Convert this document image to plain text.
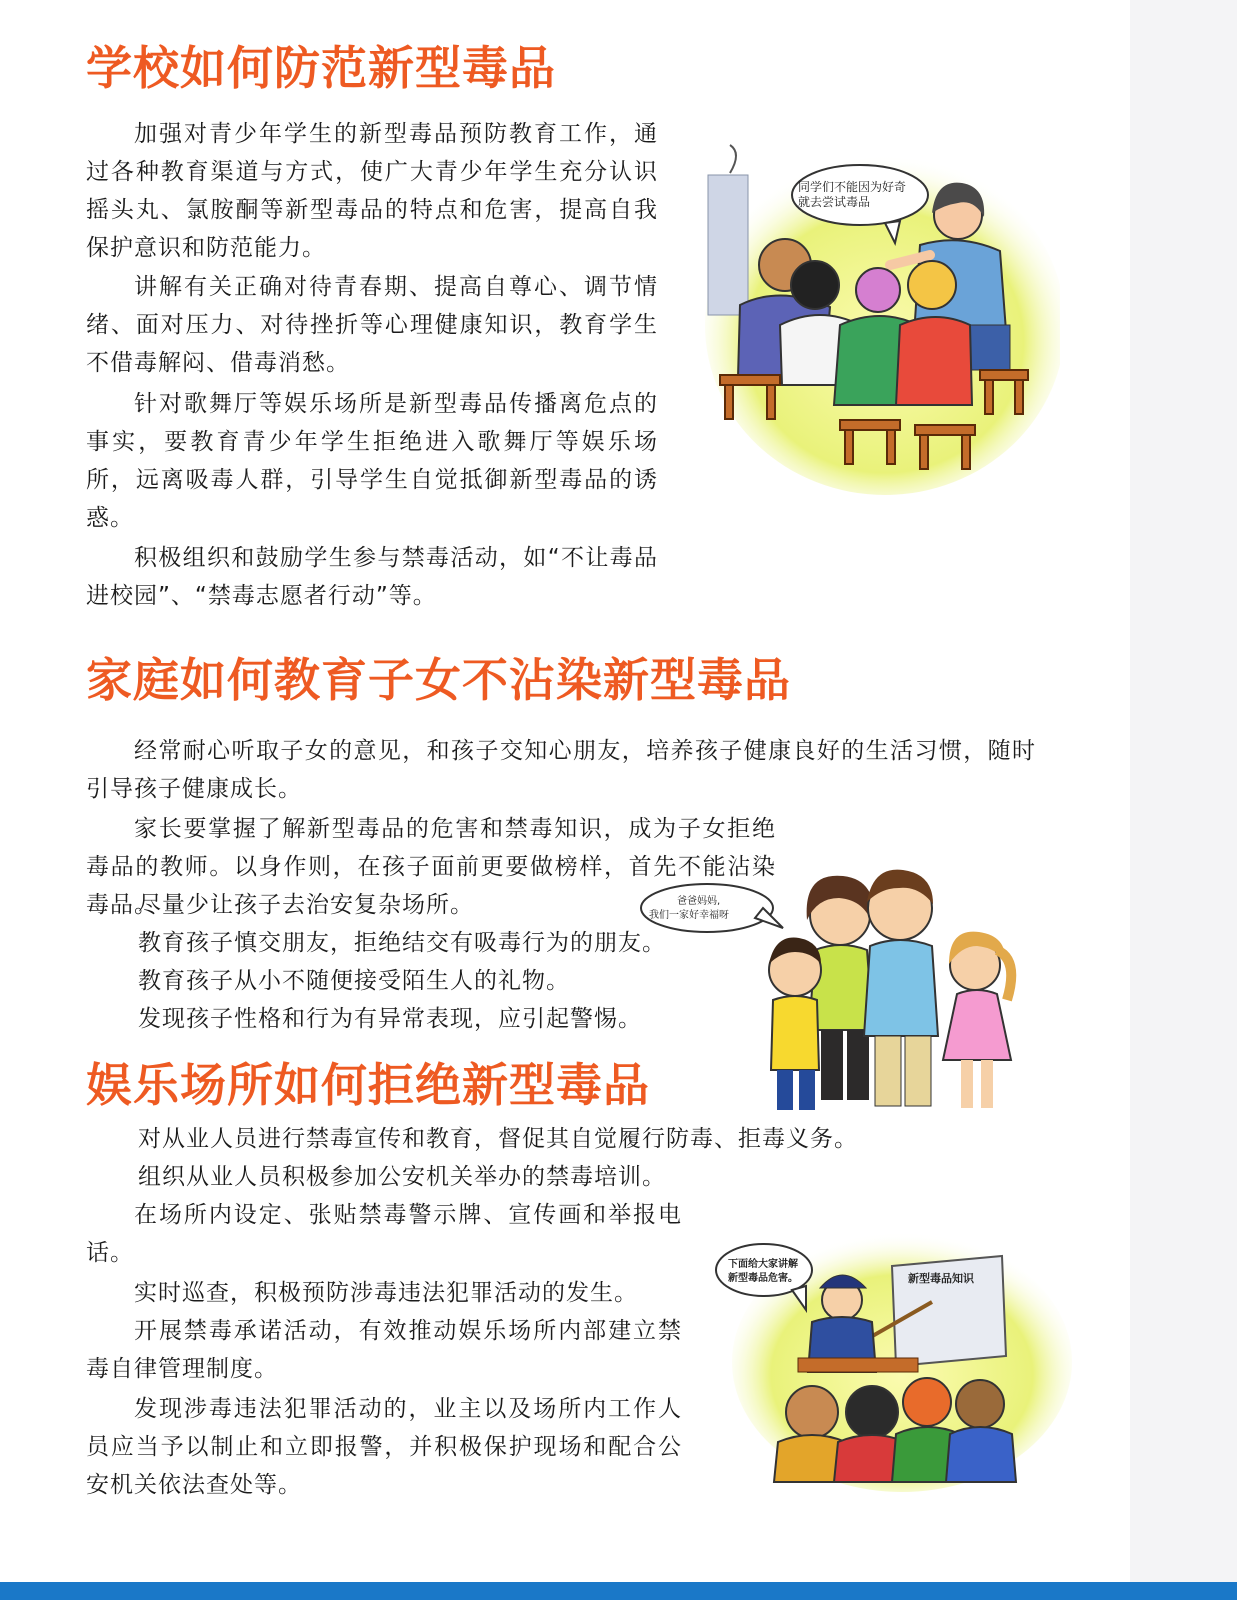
学校如何防范新型毒品

加强对青少年学生的新型毒品预防教育工作，通过各种教育渠道与方式，使广大青少年学生充分认识摇头丸、氯胺酮等新型毒品的特点和危害，提高自我保护意识和防范能力。

讲解有关正确对待青春期、提高自尊心、调节情绪、面对压力、对待挫折等心理健康知识，教育学生不借毒解闷、借毒消愁。

针对歌舞厅等娱乐场所是新型毒品传播离危点的事实，要教育青少年学生拒绝进入歌舞厅等娱乐场所，远离吸毒人群，引导学生自觉抵御新型毒品的诱惑。

积极组织和鼓励学生参与禁毒活动，如“不让毒品进校园”、“禁毒志愿者行动”等。

同学们不能因为好奇
就去尝试毒品
家庭如何教育子女不沾染新型毒品

经常耐心听取子女的意见，和孩子交知心朋友，培养孩子健康良好的生活习惯，随时引导孩子健康成长。

家长要掌握了解新型毒品的危害和禁毒知识，成为子女拒绝毒品的教师。以身作则，在孩子面前更要做榜样，首先不能沾染毒品。

尽量少让孩子去治安复杂场所。

教育孩子慎交朋友，拒绝结交有吸毒行为的朋友。

教育孩子从小不随便接受陌生人的礼物。

发现孩子性格和行为有异常表现，应引起警惕。

爸爸妈妈,
我们一家好幸福呀
娱乐场所如何拒绝新型毒品

对从业人员进行禁毒宣传和教育，督促其自觉履行防毒、拒毒义务。

组织从业人员积极参加公安机关举办的禁毒培训。

在场所内设定、张贴禁毒警示牌、宣传画和举报电话。

实时巡查，积极预防涉毒违法犯罪活动的发生。

开展禁毒承诺活动，有效推动娱乐场所内部建立禁毒自律管理制度。

发现涉毒违法犯罪活动的，业主以及场所内工作人员应当予以制止和立即报警，并积极保护现场和配合公安机关依法查处等。

下面给大家讲解
新型毒品危害。	新型毒品知识
